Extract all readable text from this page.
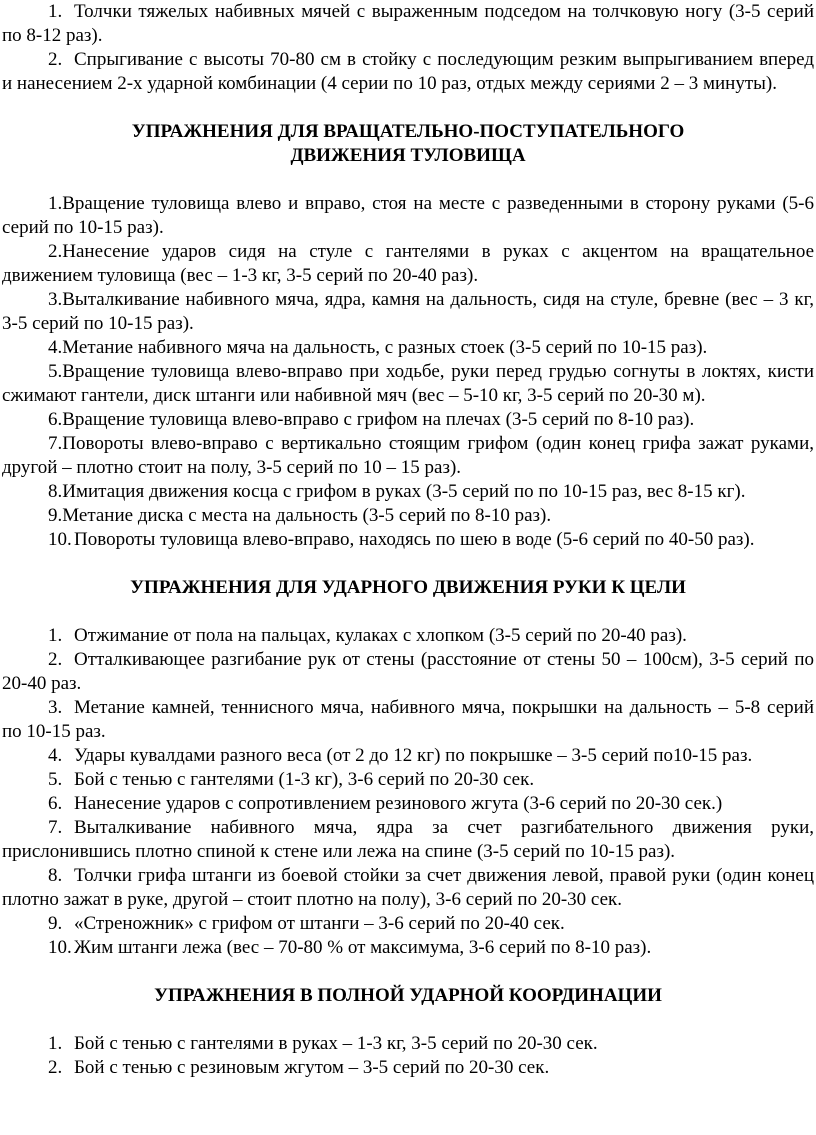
1. Толчки тяжелых набивных мячей с выраженным подседом на толчковую ногу (3-5 серий по 8-12 раз).

2. Спрыгивание с высоты 70-80 см в стойку с последующим резким выпрыгиванием вперед и нанесением 2-х ударной комбинации (4 серии по 10 раз, отдых между сериями 2 – 3 минуты).

УПРАЖНЕНИЯ ДЛЯ ВРАЩАТЕЛЬНО-ПОСТУПАТЕЛЬНОГО

ДВИЖЕНИЯ ТУЛОВИЩА

1.Вращение туловища влево и вправо, стоя на месте с разведенными в сторону руками (5-6 серий по 10-15 раз).

2.Нанесение ударов сидя на стуле с гантелями в руках с акцентом на вращательное движением туловища (вес – 1-3 кг, 3-5 серий по 20-40 раз).

3.Выталкивание набивного мяча, ядра, камня на дальность, сидя на стуле, бревне (вес – 3 кг, 3-5 серий по 10-15 раз).

4.Метание набивного мяча на дальность, с разных стоек (3-5 серий по 10-15 раз).

5.Вращение туловища влево-вправо при ходьбе, руки перед грудью согнуты в локтях, кисти сжимают гантели, диск штанги или набивной мяч (вес – 5-10 кг, 3-5 серий по 20-30 м).

6.Вращение туловища влево-вправо с грифом на плечах (3-5 серий по 8-10 раз).

7.Повороты влево-вправо с вертикально стоящим грифом (один конец грифа зажат руками, другой – плотно стоит на полу, 3-5 серий по 10 – 15 раз).

8.Имитация движения косца с грифом в руках (3-5 серий по по 10-15 раз, вес 8-15 кг).

9.Метание диска с места на дальность (3-5 серий по 8-10 раз).

10. Повороты туловища влево-вправо, находясь по шею в воде (5-6 серий по 40-50 раз).

УПРАЖНЕНИЯ ДЛЯ УДАРНОГО ДВИЖЕНИЯ РУКИ К ЦЕЛИ

1. Отжимание от пола на пальцах, кулаках с хлопком (3-5 серий по 20-40 раз).

2. Отталкивающее разгибание рук от стены (расстояние от стены 50 – 100см), 3-5 серий по 20-40 раз.

3. Метание камней, теннисного мяча, набивного мяча, покрышки на дальность – 5-8 серий по 10-15 раз.

4. Удары кувалдами разного веса (от 2 до 12 кг) по покрышке – 3-5 серий по10-15 раз.

5. Бой с тенью с гантелями (1-3 кг), 3-6 серий по 20-30 сек.

6. Нанесение ударов с сопротивлением резинового жгута (3-6 серий по 20-30 сек.)

7. Выталкивание набивного мяча, ядра за счет разгибательного движения руки, прислонившись плотно спиной к стене или лежа на спине (3-5 серий по 10-15 раз).

8. Толчки грифа штанги из боевой стойки за счет движения левой, правой руки (один конец плотно зажат в руке, другой – стоит плотно на полу), 3-6 серий по 20-30 сек.

9. «Стреножник» с грифом от штанги – 3-6 серий по 20-40 сек.

10. Жим штанги лежа (вес – 70-80 % от максимума, 3-6 серий по 8-10 раз).

УПРАЖНЕНИЯ В ПОЛНОЙ УДАРНОЙ КООРДИНАЦИИ

1. Бой с тенью с гантелями в руках – 1-3 кг, 3-5 серий по 20-30 сек.

2. Бой с тенью с резиновым жгутом – 3-5 серий по 20-30 сек.
